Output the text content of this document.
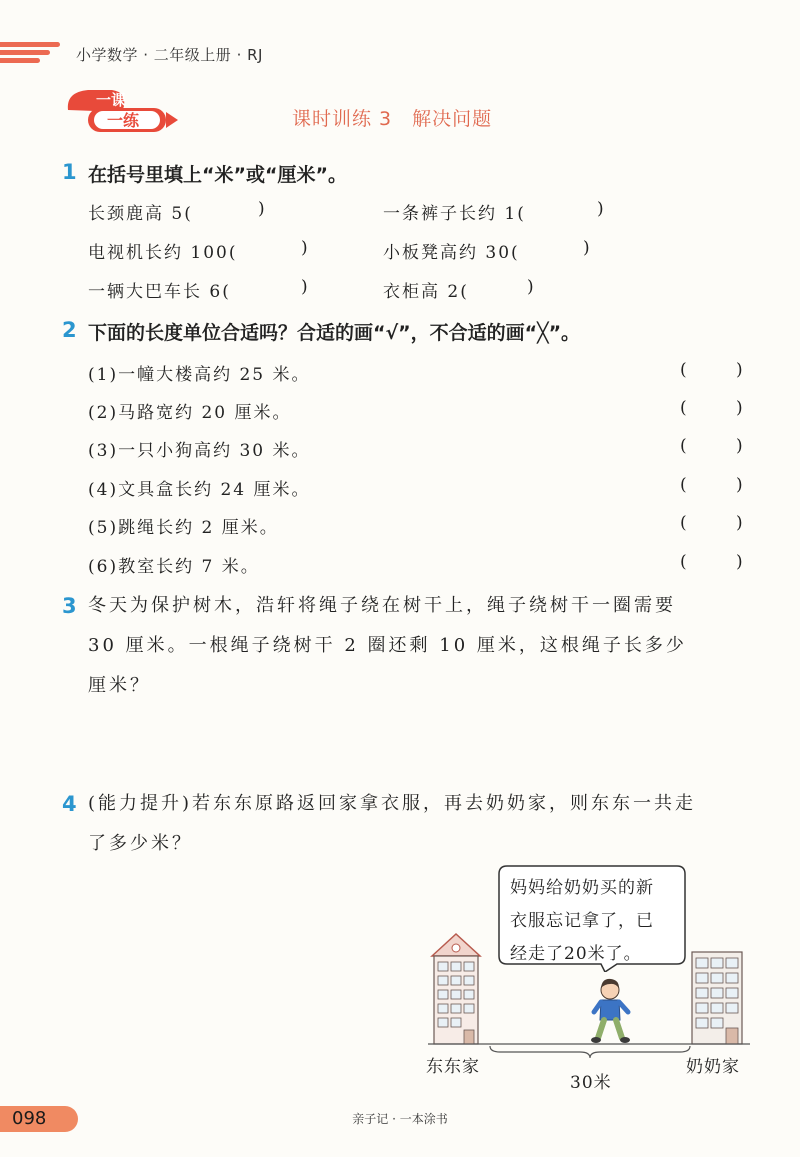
小学数学 · 二年级上册 · RJ
一课
一练	课时训练 3　解决问题
1 在括号里填上“米”或“厘米”。
长颈鹿高 5(	)	一条裤子长约 1(	)
电视机长约 100(	)	小板凳高约 30(	)
一辆大巴车长 6(	)	衣柜高 2(	)
2 下面的长度单位合适吗？合适的画“√”，不合适的画“╳”。
(1)一幢大楼高约 25 米。	(	)
(2)马路宽约 20 厘米。	(	)
(3)一只小狗高约 30 米。	(	)
(4)文具盒长约 24 厘米。	(	)
(5)跳绳长约 2 厘米。	(	)
(6)教室长约 7 米。	(	)
3 冬天为保护树木，浩轩将绳子绕在树干上，绳子绕树干一圈需要
30 厘米。一根绳子绕树干 2 圈还剩 10 厘米，这根绳子长多少
厘米？
4 (能力提升)若东东原路返回家拿衣服，再去奶奶家，则东东一共走
了多少米？
妈妈给奶奶买的新
衣服忘记拿了，已
经走了20米了。
东东家	奶奶家
30米
098	亲子记 · 一本涂书
